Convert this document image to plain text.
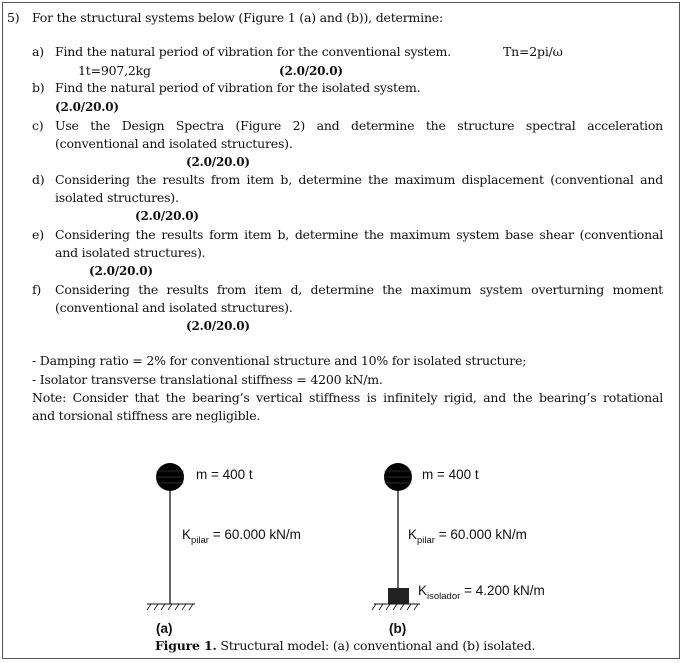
5) For the structural systems below (Figure 1 (a) and (b)), determine:
a) Find the natural period of vibration for the conventional system.	Tn=2pi/ω
1t=907,2kg	(2.0/20.0)
b) Find the natural period of vibration for the isolated system.
(2.0/20.0)
c) Use the Design Spectra (Figure 2) and determine the structure spectral acceleration
(conventional and isolated structures).
(2.0/20.0)
d) Considering the results from item b, determine the maximum displacement (conventional and
isolated structures).
(2.0/20.0)
e) Considering the results form item b, determine the maximum system base shear (conventional
and isolated structures).
(2.0/20.0)
f) Considering the results from item d, determine the maximum system overturning moment
(conventional and isolated structures).
(2.0/20.0)
- Damping ratio = 2% for conventional structure and 10% for isolated structure;
- Isolator transverse translational stiffness = 4200 kN/m.
Note: Consider that the bearing’s vertical stiffness is infinitely rigid, and the bearing’s rotational
and torsional stiffness are negligible.
m = 400 t
$K_{pilar} = 60.000$ kN/m
(a)
m = 400 t
$K_{pilar} = 60.000$ kN/m
$K_{isolador} = 4.200$ kN/m
(b)
Figure 1. Structural model: (a) conventional and (b) isolated.
